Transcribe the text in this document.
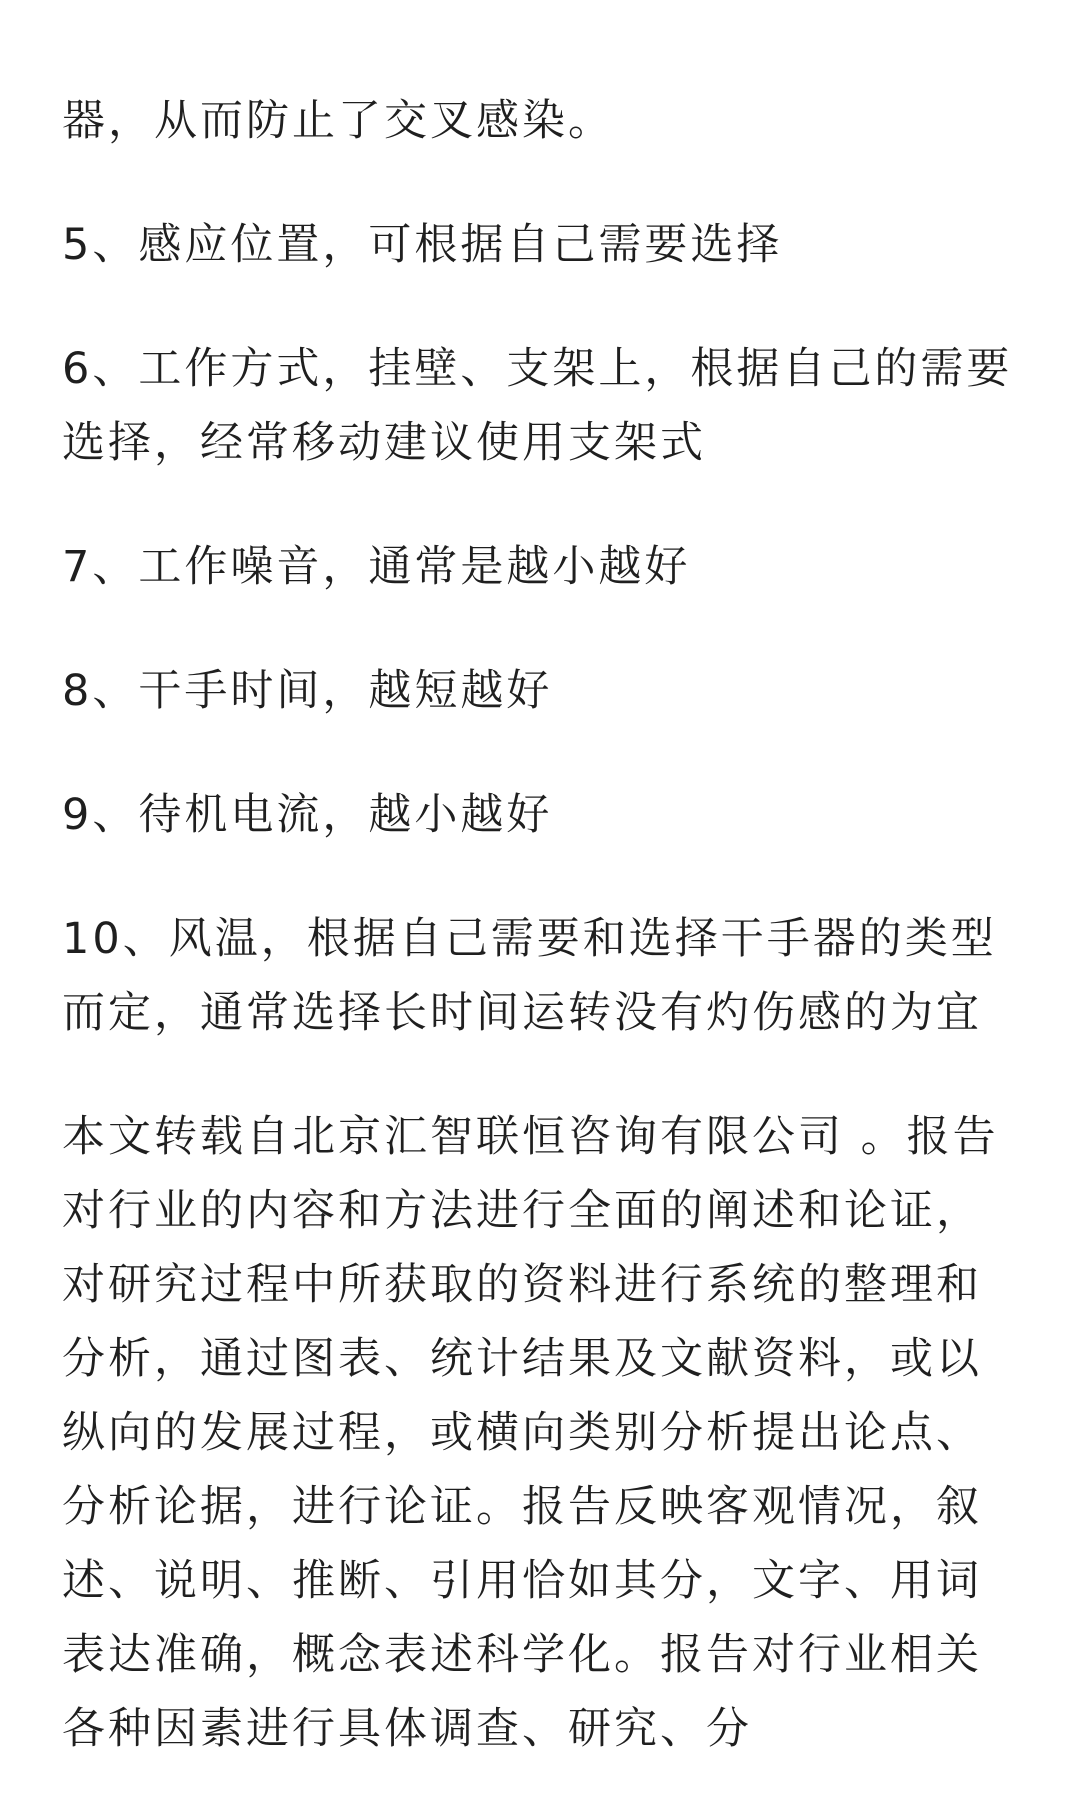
器，从而防止了交叉感染。

5、感应位置，可根据自己需要选择

6、工作方式，挂壁、支架上，根据自己的需要选择，经常移动建议使用支架式

7、工作噪音，通常是越小越好

8、干手时间，越短越好

9、待机电流，越小越好

10、风温，根据自己需要和选择干手器的类型而定，通常选择长时间运转没有灼伤感的为宜

本文转载自北京汇智联恒咨询有限公司 。报告对行业的内容和方法进行全面的阐述和论证，对研究过程中所获取的资料进行系统的整理和分析，通过图表、统计结果及文献资料，或以纵向的发展过程，或横向类别分析提出论点、分析论据，进行论证。报告反映客观情况，叙述、说明、推断、引用恰如其分，文字、用词表达准确，概念表述科学化。报告对行业相关各种因素进行具体调查、研究、分
